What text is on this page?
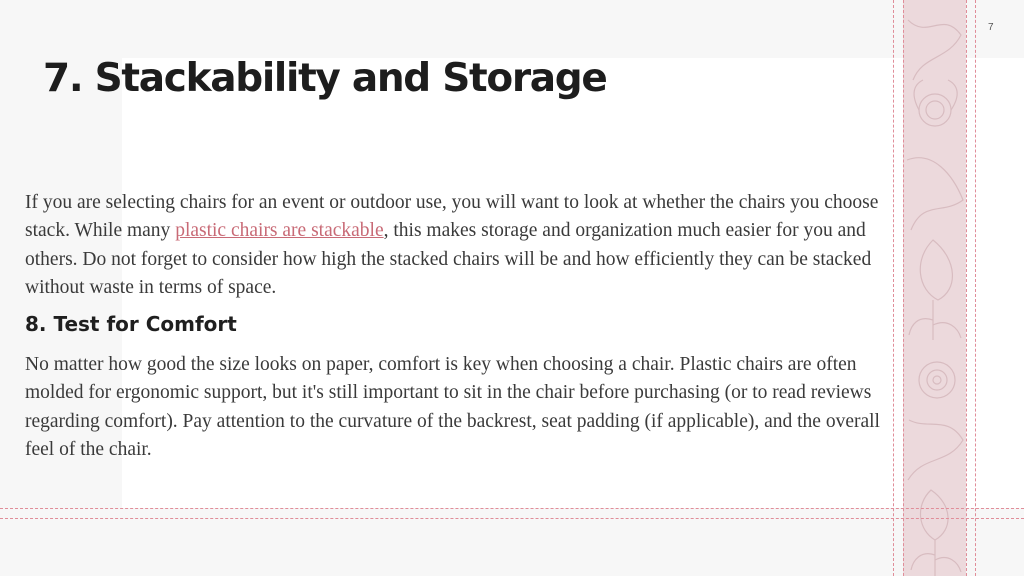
7
7. Stackability and Storage

If you are selecting chairs for an event or outdoor use, you will want to look at whether the chairs you choose stack. While many plastic chairs are stackable, this makes storage and organization much easier for you and others. Do not forget to consider how high the stacked chairs will be and how efficiently they can be stacked without waste in terms of space.

8. Test for Comfort

No matter how good the size looks on paper, comfort is key when choosing a chair. Plastic chairs are often molded for ergonomic support, but it's still important to sit in the chair before purchasing (or to read reviews regarding comfort). Pay attention to the curvature of the backrest, seat padding (if applicable), and the overall feel of the chair.
